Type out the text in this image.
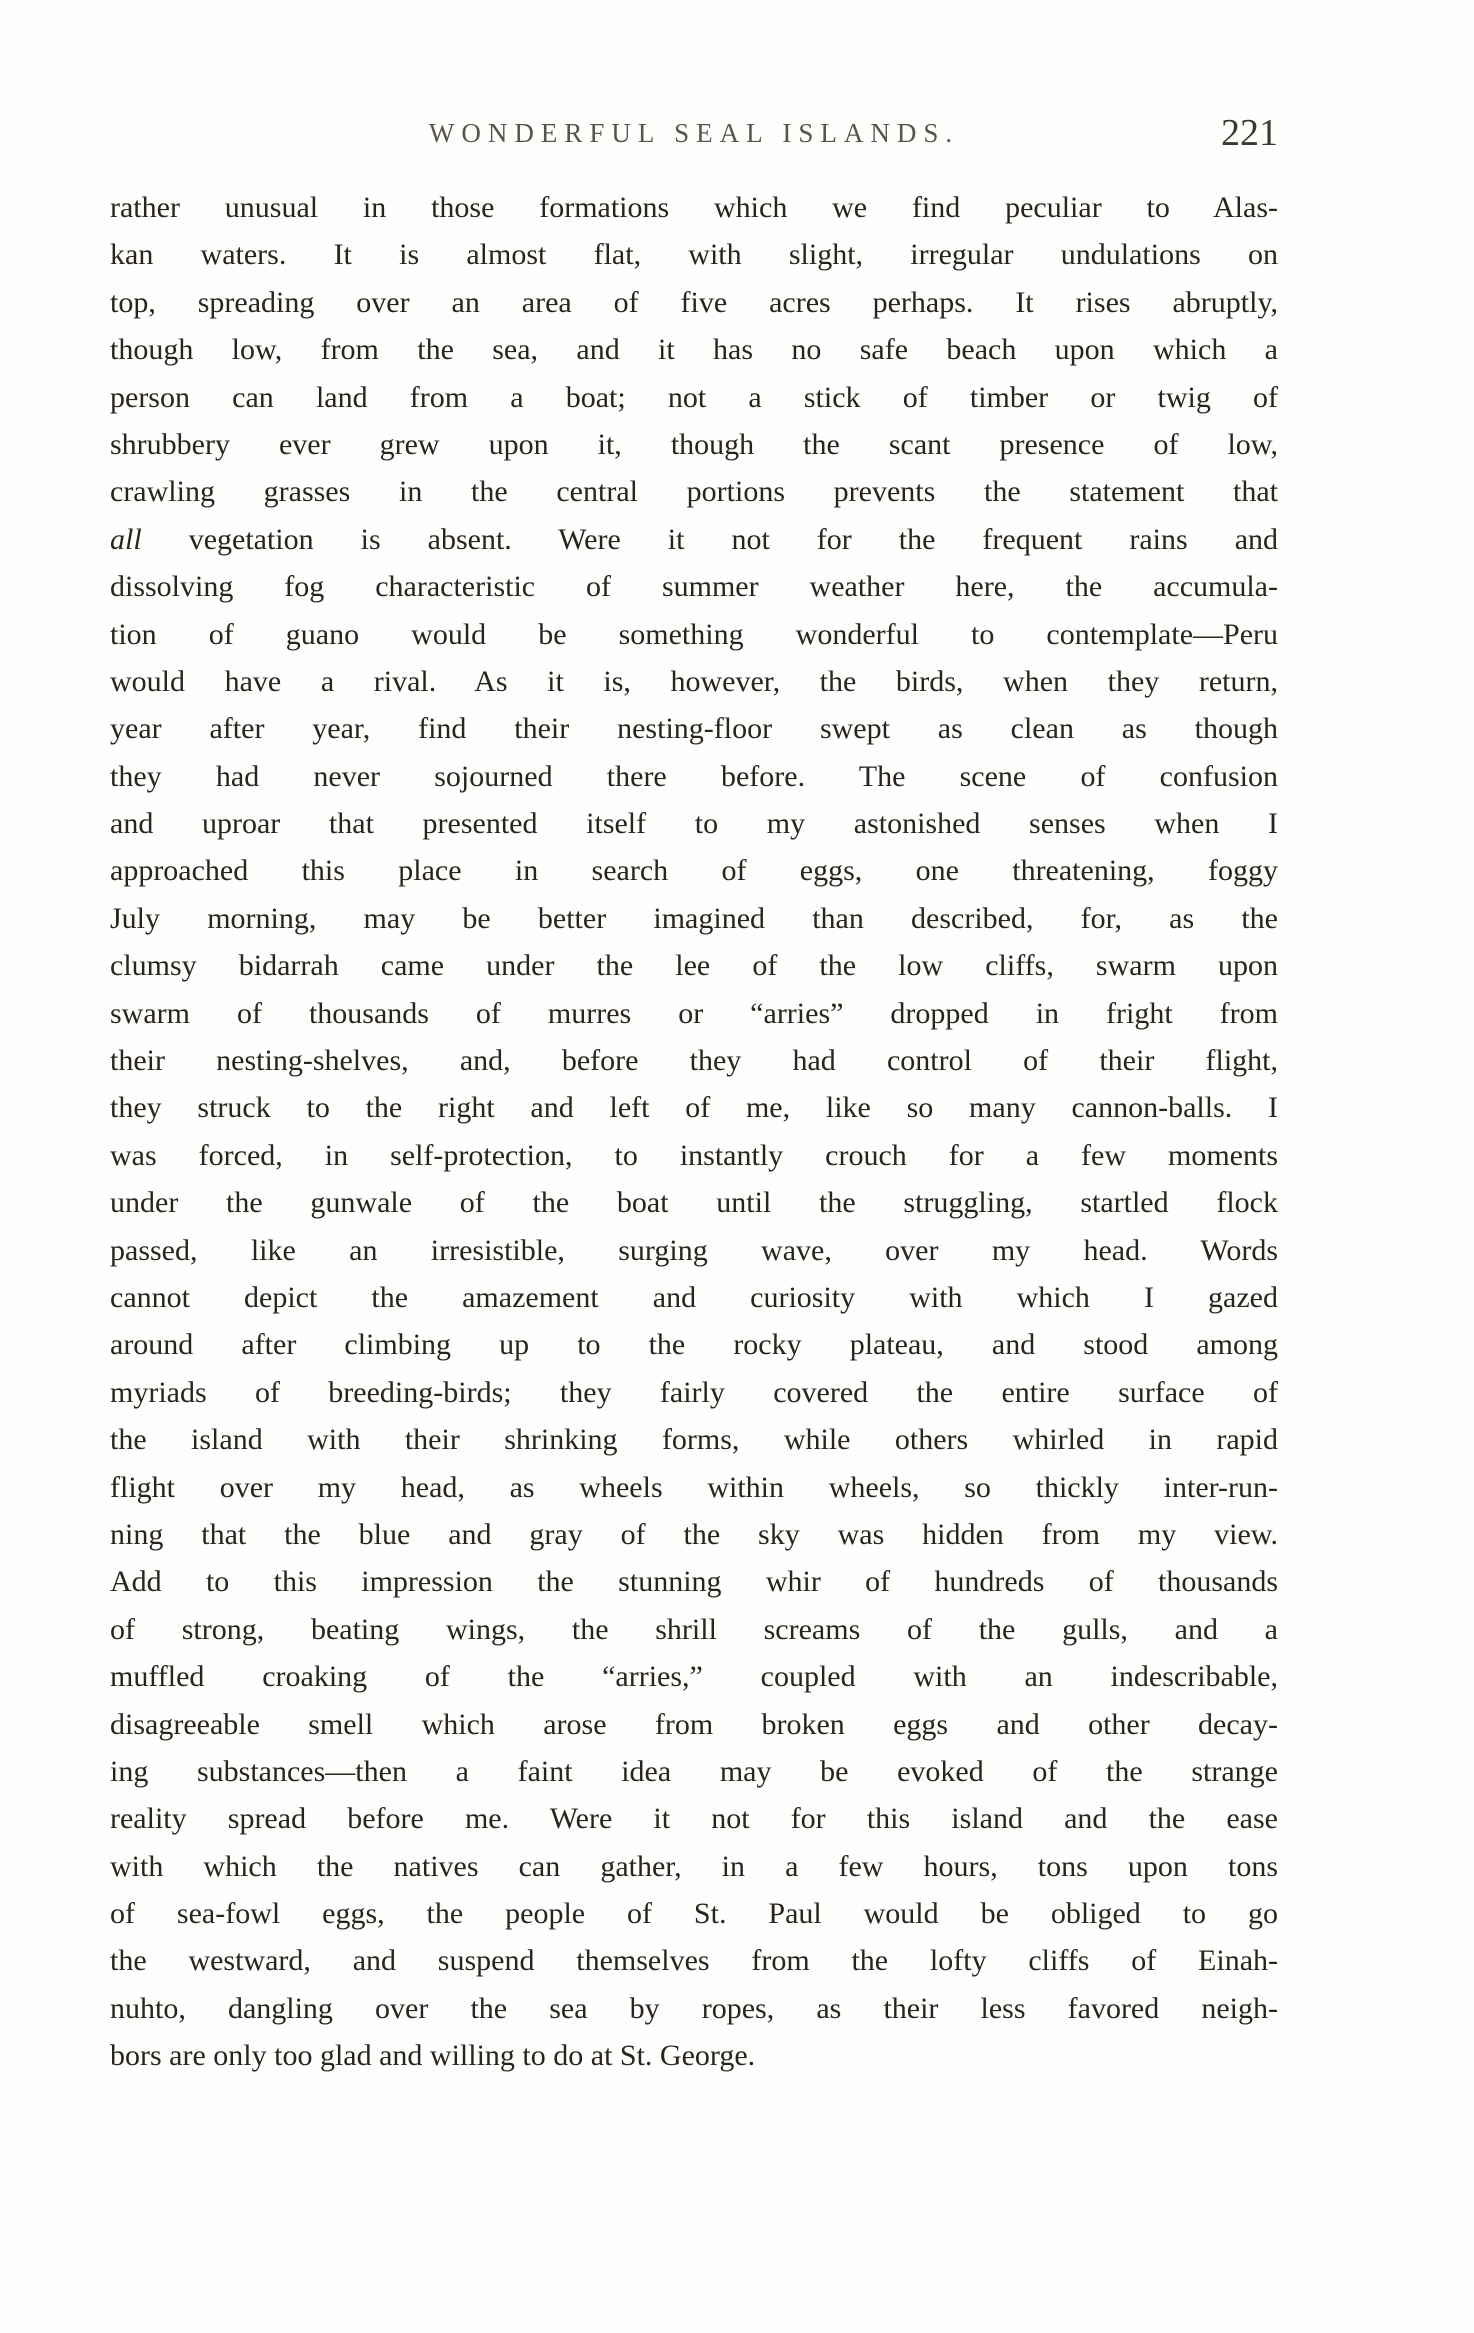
WONDERFUL SEAL ISLANDS.	221
rather unusual in those formations which we find peculiar to Alas-
kan waters. It is almost flat, with slight, irregular undulations on
top, spreading over an area of five acres perhaps. It rises abruptly,
though low, from the sea, and it has no safe beach upon which a
person can land from a boat; not a stick of timber or twig of
shrubbery ever grew upon it, though the scant presence of low,
crawling grasses in the central portions prevents the statement that
all vegetation is absent. Were it not for the frequent rains and
dissolving fog characteristic of summer weather here, the accumula-
tion of guano would be something wonderful to contemplate—Peru
would have a rival. As it is, however, the birds, when they return,
year after year, find their nesting-floor swept as clean as though
they had never sojourned there before. The scene of confusion
and uproar that presented itself to my astonished senses when I
approached this place in search of eggs, one threatening, foggy
July morning, may be better imagined than described, for, as the
clumsy bidarrah came under the lee of the low cliffs, swarm upon
swarm of thousands of murres or “arries” dropped in fright from
their nesting-shelves, and, before they had control of their flight,
they struck to the right and left of me, like so many cannon-balls. I
was forced, in self-protection, to instantly crouch for a few moments
under the gunwale of the boat until the struggling, startled flock
passed, like an irresistible, surging wave, over my head. Words
cannot depict the amazement and curiosity with which I gazed
around after climbing up to the rocky plateau, and stood among
myriads of breeding-birds; they fairly covered the entire surface of
the island with their shrinking forms, while others whirled in rapid
flight over my head, as wheels within wheels, so thickly inter-run-
ning that the blue and gray of the sky was hidden from my view.
Add to this impression the stunning whir of hundreds of thousands
of strong, beating wings, the shrill screams of the gulls, and a
muffled croaking of the “arries,” coupled with an indescribable,
disagreeable smell which arose from broken eggs and other decay-
ing substances—then a faint idea may be evoked of the strange
reality spread before me. Were it not for this island and the ease
with which the natives can gather, in a few hours, tons upon tons
of sea-fowl eggs, the people of St. Paul would be obliged to go
the westward, and suspend themselves from the lofty cliffs of Einah-
nuhto, dangling over the sea by ropes, as their less favored neigh-
bors are only too glad and willing to do at St. George.
